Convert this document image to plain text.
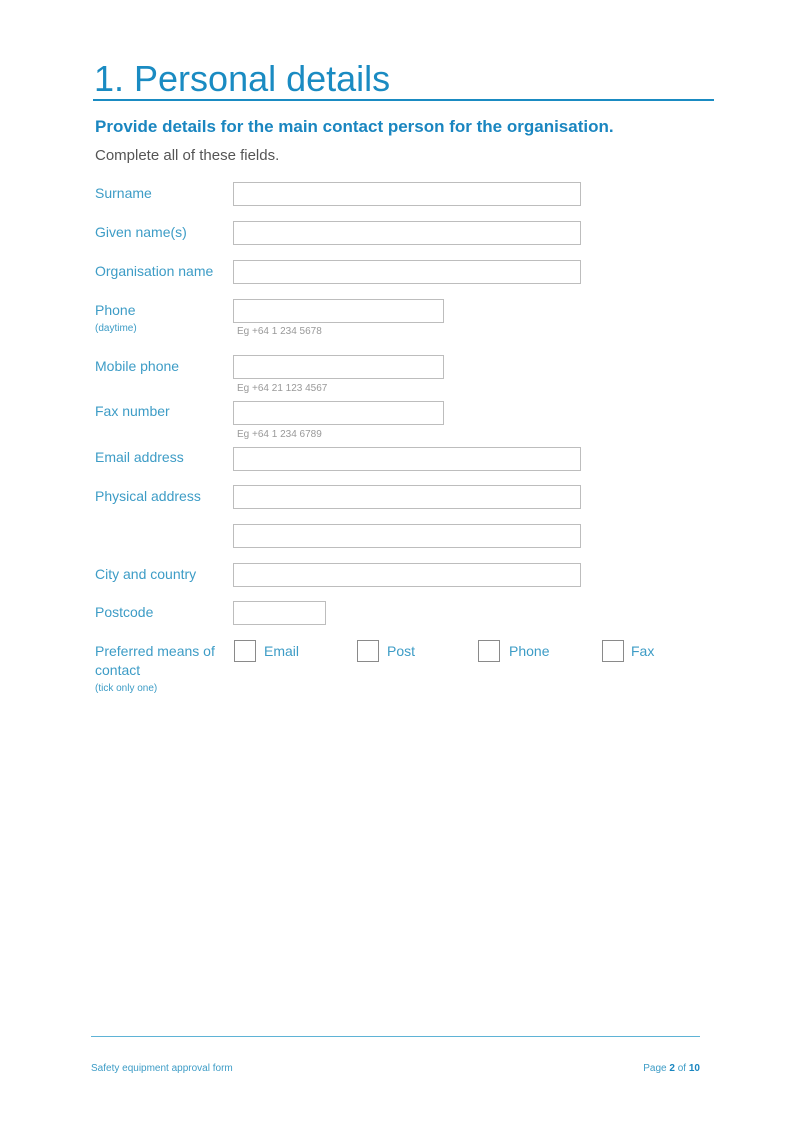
1. Personal details
Provide details for the main contact person for the organisation.
Complete all of these fields.
Surname
Given name(s)
Organisation name
Phone
(daytime)	Eg +64 1 234 5678
Mobile phone
Eg +64 21 123 4567
Fax number
Eg +64 1 234 6789
Email address
Physical address
City and country
Postcode
Preferred means of
contact
(tick only one)
Email	Post	Phone	Fax
Safety equipment approval form	Page 2 of 10
